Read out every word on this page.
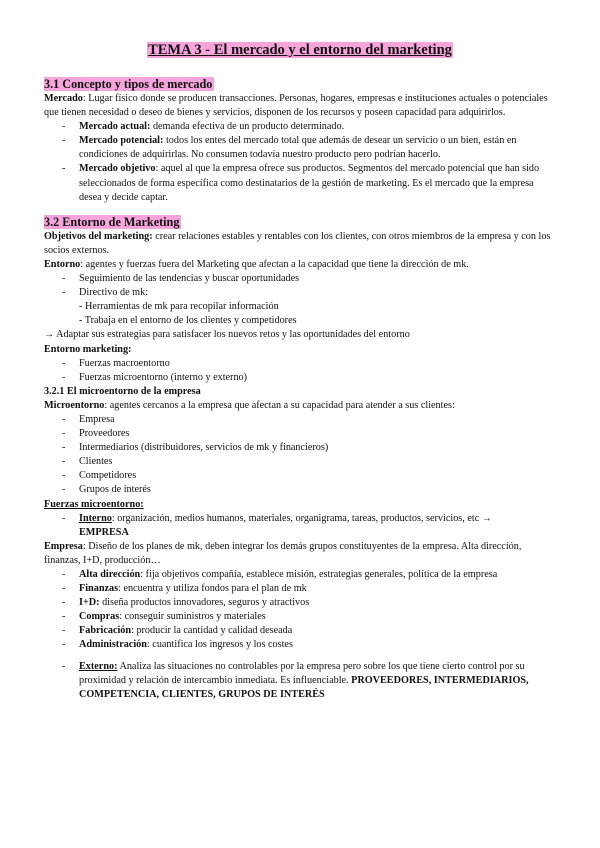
TEMA 3 - El mercado y el entorno del marketing
3.1 Concepto y tipos de mercado

Mercado: Lugar físico donde se producen transacciones. Personas, hogares, empresas e instituciones actuales o potenciales que tienen necesidad o deseo de bienes y servicios, disponen de los recursos y poseen capacidad para adquirirlos.

- Mercado actual: demanda efectiva de un producto determinado.
- Mercado potencial: todos los entes del mercado total que además de desear un servicio o un bien, están en condiciones de adquirirlas. No consumen todavía nuestro producto pero podrían hacerlo.
- Mercado objetivo: aquel al que la empresa ofrece sus productos. Segmentos del mercado potencial que han sido seleccionados de forma específica como destinatarios de la gestión de marketing. Es el mercado que la empresa desea y decide captar.
3.2 Entorno de Marketing

Objetivos del marketing: crear relaciones estables y rentables con los clientes, con otros miembros de la empresa y con los socios externos.

Entorno: agentes y fuerzas fuera del Marketing que afectan a la capacidad que tiene la dirección de mk.

- Seguimiento de las tendencias y buscar oportunidades
- Directivo de mk:

- Herramientas de mk para recopilar información

- Trabaja en el entorno de los clientes y competidores

→ Adaptar sus estrategias para satisfacer los nuevos retos y las oportunidades del entorno

Entorno marketing:

- Fuerzas macroentorno
- Fuerzas microentorno (interno y externo)

3.2.1 El microentorno de la empresa

Microentorno: agentes cercanos a la empresa que afectan a su capacidad para atender a sus clientes:

- Empresa
- Proveedores
- Intermediarios (distribuidores, servicios de mk y financieros)
- Clientes
- Competidores
- Grupos de interés

Fuerzas microentorno:

- Interno: organización, medios humanos, materiales, organigrama, tareas, productos, servicios, etc →
EMPRESA

Empresa: Diseño de los planes de mk, deben integrar los demás grupos constituyentes de la empresa. Alta dirección, finanzas, I+D, producción…

- Alta dirección: fija objetivos compañía, establece misión, estrategias generales, política de la empresa
- Finanzas: encuentra y utiliza fondos para el plan de mk
- I+D: diseña productos innovadores, seguros y atractivos
- Compras: conseguir suministros y materiales
- Fabricación: producir la cantidad y calidad deseada
- Administración: cuantifica los ingresos y los costes
- Externo: Analiza las situaciones no controlables por la empresa pero sobre los que tiene cierto control por su proximidad y relación de intercambio inmediata. Es influenciable. PROVEEDORES, INTERMEDIARIOS, COMPETENCIA, CLIENTES, GRUPOS DE INTERÉS
